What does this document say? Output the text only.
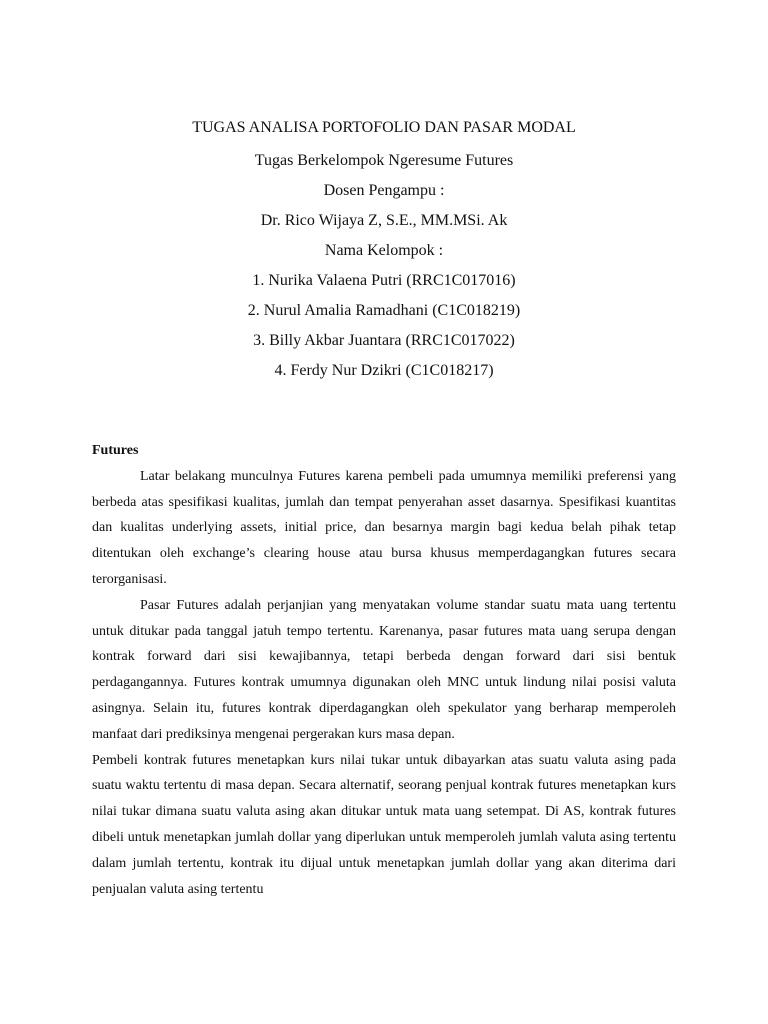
TUGAS ANALISA PORTOFOLIO DAN PASAR MODAL
Tugas Berkelompok Ngeresume Futures
Dosen Pengampu :
Dr. Rico Wijaya Z, S.E., MM.MSi. Ak
Nama Kelompok :
1. Nurika Valaena Putri (RRC1C017016)
2. Nurul Amalia Ramadhani (C1C018219)
3. Billy Akbar Juantara (RRC1C017022)
4. Ferdy Nur Dzikri (C1C018217)

Futures

Latar belakang munculnya Futures karena pembeli pada umumnya memiliki preferensi yang berbeda atas spesifikasi kualitas, jumlah dan tempat penyerahan asset dasarnya. Spesifikasi kuantitas dan kualitas underlying assets, initial price, dan besarnya margin bagi kedua belah pihak tetap ditentukan oleh exchange’s clearing house atau bursa khusus memperdagangkan futures secara terorganisasi.

Pasar Futures adalah perjanjian yang menyatakan volume standar suatu mata uang tertentu untuk ditukar pada tanggal jatuh tempo tertentu. Karenanya, pasar futures mata uang serupa dengan kontrak forward dari sisi kewajibannya, tetapi berbeda dengan forward dari sisi bentuk perdagangannya. Futures kontrak umumnya digunakan oleh MNC untuk lindung nilai posisi valuta asingnya. Selain itu, futures kontrak diperdagangkan oleh spekulator yang berharap memperoleh manfaat dari prediksinya mengenai pergerakan kurs masa depan.

Pembeli kontrak futures menetapkan kurs nilai tukar untuk dibayarkan atas suatu valuta asing pada suatu waktu tertentu di masa depan. Secara alternatif, seorang penjual kontrak futures menetapkan kurs nilai tukar dimana suatu valuta asing akan ditukar untuk mata uang setempat. Di AS, kontrak futures dibeli untuk menetapkan jumlah dollar yang diperlukan untuk memperoleh jumlah valuta asing tertentu dalam jumlah tertentu, kontrak itu dijual untuk menetapkan jumlah dollar yang akan diterima dari penjualan valuta asing tertentu
